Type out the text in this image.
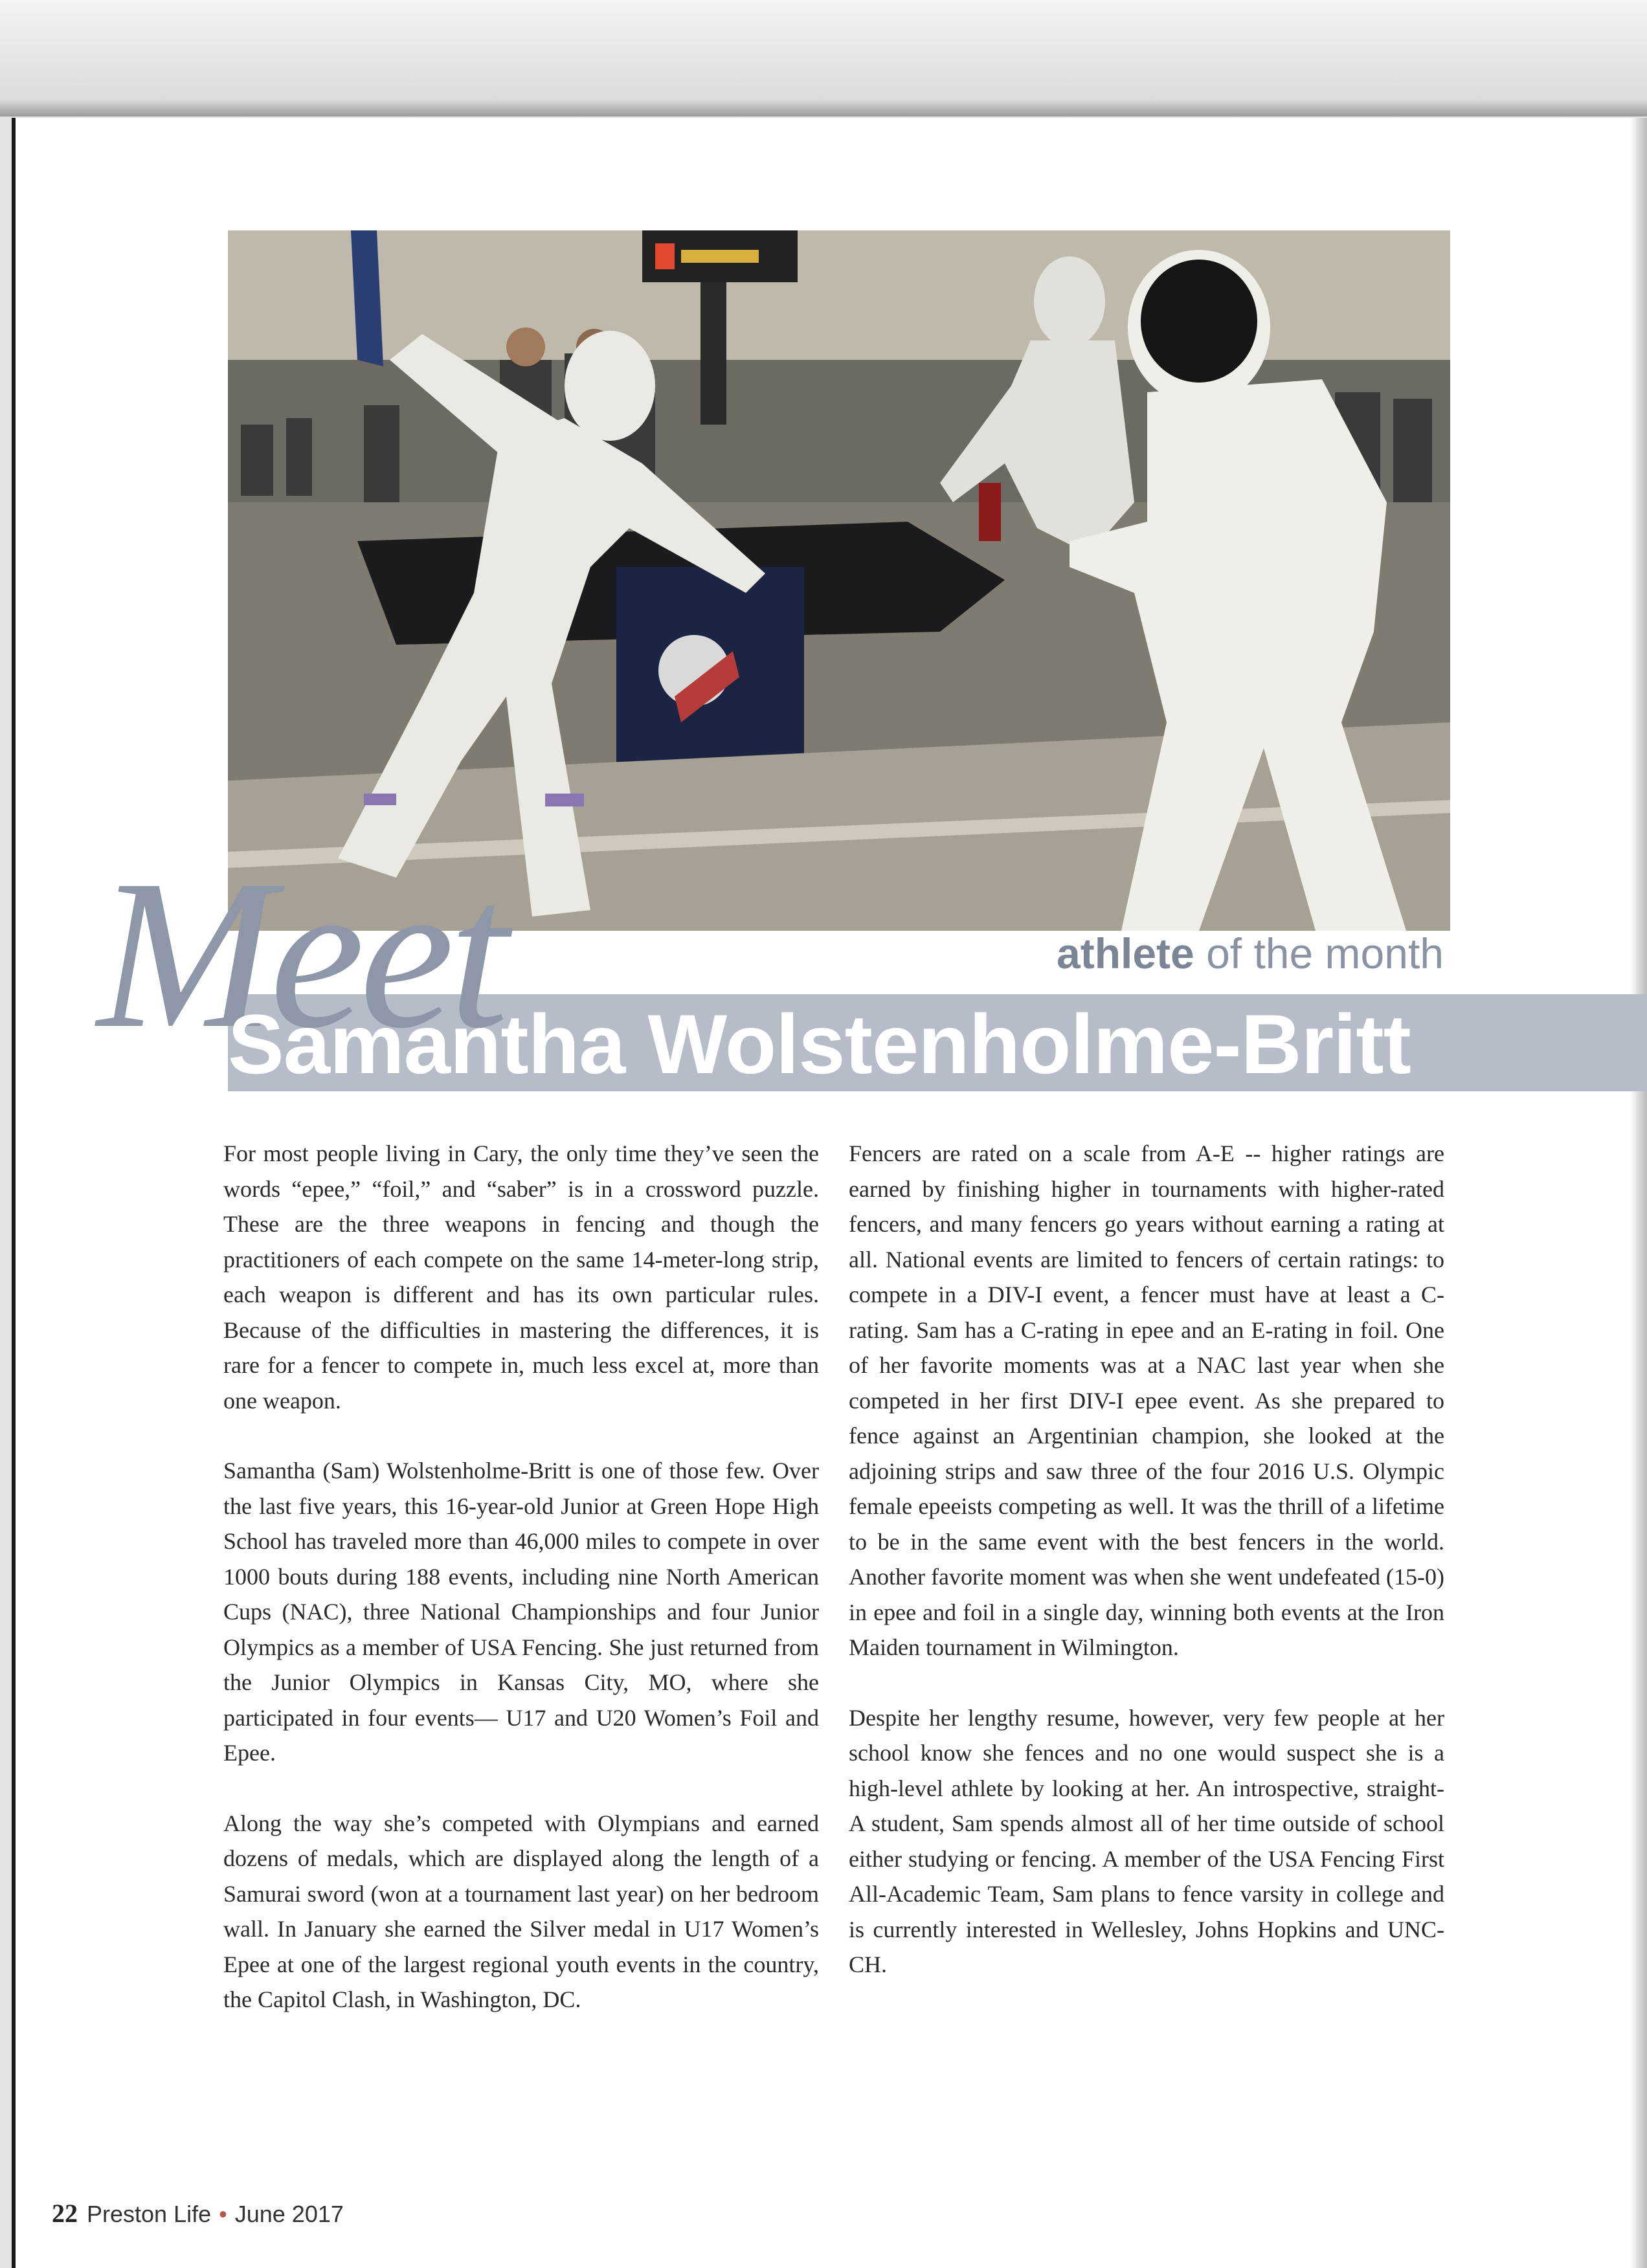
Meet	athlete of the month
Samantha Wolstenholme-Britt

For most people living in Cary, the only time they’ve seen the words “epee,” “foil,” and “saber” is in a crossword puzzle. These are the three weapons in fencing and though the practitioners of each compete on the same 14-meter-long strip, each weapon is different and has its own particular rules. Because of the difficulties in mastering the differences, it is rare for a fencer to compete in, much less excel at, more than one weapon.

Samantha (Sam) Wolstenholme-Britt is one of those few. Over the last five years, this 16-year-old Junior at Green Hope High School has traveled more than 46,000 miles to compete in over 1000 bouts during 188 events, including nine North American Cups (NAC), three National Championships and four Junior Olympics as a member of USA Fencing. She just returned from the Junior Olympics in Kansas City, MO, where she participated in four events— U17 and U20 Women’s Foil and Epee.

Along the way she’s competed with Olympians and earned dozens of medals, which are displayed along the length of a Samurai sword (won at a tournament last year) on her bedroom wall. In January she earned the Silver medal in U17 Women’s Epee at one of the largest regional youth events in the country, the Capitol Clash, in Washington, DC.

Fencers are rated on a scale from A-E -- higher ratings are earned by finishing higher in tournaments with higher-rated fencers, and many fencers go years without earning a rating at all. National events are limited to fencers of certain ratings: to compete in a DIV-I event, a fencer must have at least a C-rating. Sam has a C-rating in epee and an E-rating in foil. One of her favorite moments was at a NAC last year when she competed in her first DIV-I epee event. As she prepared to fence against an Argentinian champion, she looked at the adjoining strips and saw three of the four 2016 U.S. Olympic female epeeists competing as well. It was the thrill of a lifetime to be in the same event with the best fencers in the world. Another favorite moment was when she went undefeated (15-0) in epee and foil in a single day, winning both events at the Iron Maiden tournament in Wilmington.

Despite her lengthy resume, however, very few people at her school know she fences and no one would suspect she is a high-level athlete by looking at her. An introspective, straight-A student, Sam spends almost all of her time outside of school either studying or fencing. A member of the USA Fencing First All-Academic Team, Sam plans to fence varsity in college and is currently interested in Wellesley, Johns Hopkins and UNC-CH.

22 Preston Life • June 2017
